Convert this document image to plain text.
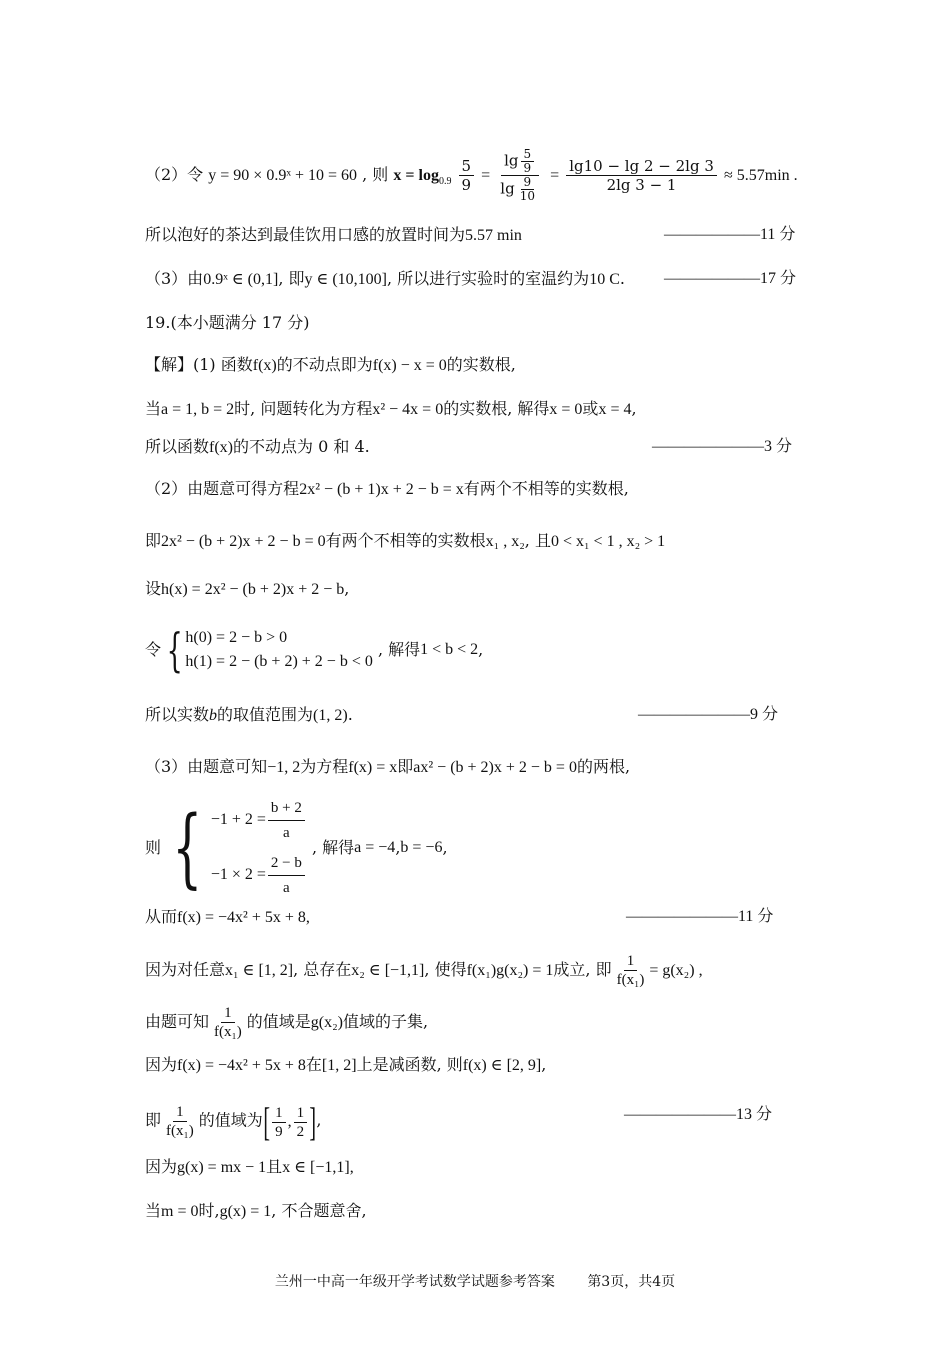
（2）令 y = 90 × 0.9ˣ + 10 = 60 , 则 $x = \log_{0.9} \frac{5}{9} = \frac{\lg \frac{5}{9}}{\lg \frac{9}{10}} = \frac{\lg 10 - \lg 2 - 2\lg 3}{2\lg 3 - 1} \approx 5.57\min$ .
所以泡好的茶达到最佳饮用口感的放置时间为5.57 min	——————11 分
（3）由0.9ˣ ∈ (0,1], 即y ∈ (10,100], 所以进行实验时的室温约为10 C. ——————17 分
19.(本小题满分 17 分)
【解】(1) 函数f(x)的不动点即为f(x) − x = 0的实数根,
当a = 1, b = 2时, 问题转化为方程x² − 4x = 0的实数根, 解得x = 0或x = 4,
所以函数f(x)的不动点为 0 和 4.	———————3 分
（2）由题意可得方程2x² − (b + 1)x + 2 − b = x有两个不相等的实数根,
即2x² − (b + 2)x + 2 − b = 0有两个不相等的实数根x₁ , x₂, 且0 < x₁ < 1 , x₂ > 1
设h(x) = 2x² − (b + 2)x + 2 − b,
令 { h(0) = 2 − b > 0
h(1) = 2 − (b + 2) + 2 − b < 0
, 解得1 < b < 2,
所以实数b的取值范围为(1, 2).	———————9 分
（3）由题意可知−1, 2为方程f(x) = x即ax² − (b + 2)x + 2 − b = 0的两根,
则 { $-1 + 2 = \frac{b + 2}{a}$
$-1 \times 2 = \frac{2 - b}{a}$
, 解得a = −4,b = −6,
从而f(x) = −4x² + 5x + 8,	———————11 分
因为对任意x₁ ∈ [1, 2], 总存在x₂ ∈ [−1,1], 使得f(x₁)g(x₂) = 1成立, 即 $\frac{1}{\text{f(x₁)}} = g(x_2)$ ,
由题可知 $\frac{1}{\text{f(x₁)}}$ 的值域是g(x₂)值域的子集,
因为f(x) = −4x² + 5x + 8在[1, 2]上是减函数, 则f(x) ∈ [2, 9],
即 $\frac{1}{\text{f(x₁)}}$ 的值域为[ $\frac{1}{9}$ , $\frac{1}{2}$ ],	———————13 分
因为g(x) = mx − 1且x ∈ [−1,1],
当m = 0时,g(x) = 1, 不合题意舍,
兰州一中高一年级开学考试数学试题参考答案 第3页，共4页
